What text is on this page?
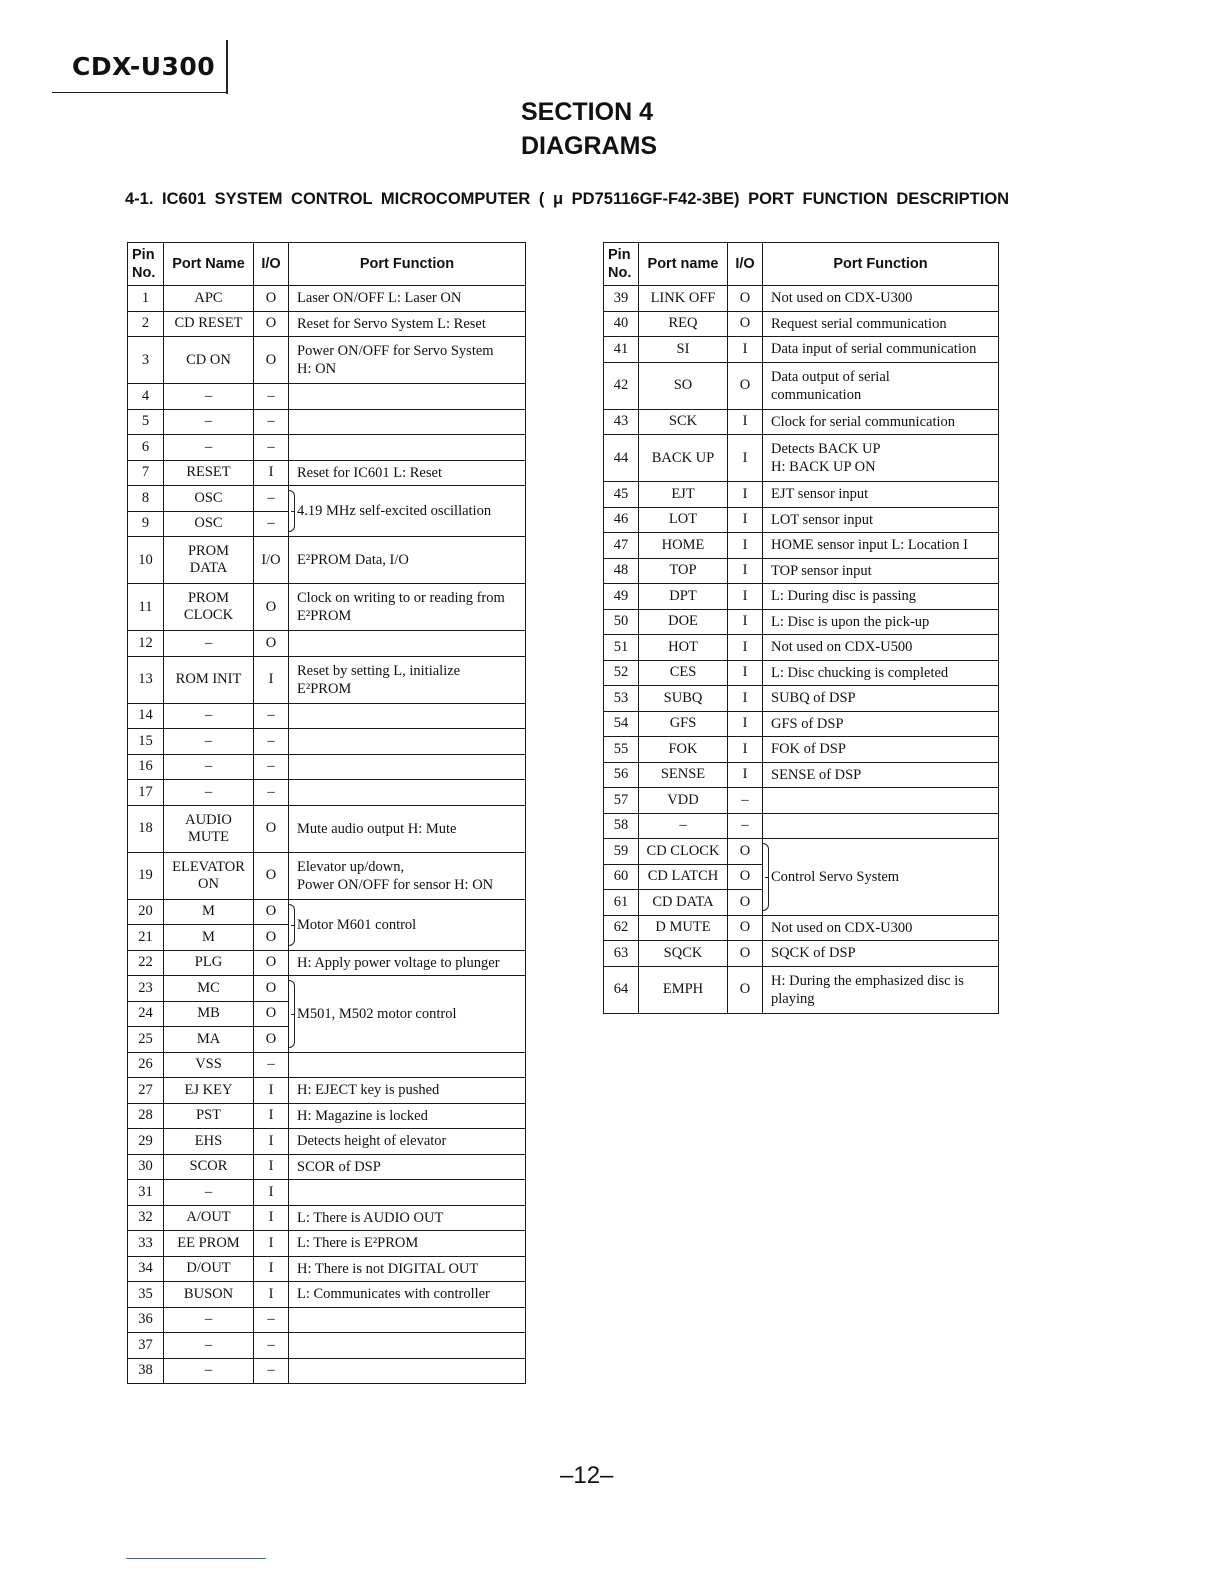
CDX-U300
SECTION 4
DIAGRAMS
4-1. IC601 SYSTEM CONTROL MICROCOMPUTER ( μ PD75116GF-F42-3BE) PORT FUNCTION DESCRIPTION
Pin
No.	Port Name	I/O	Port Function
1	APC	O	Laser ON/OFF L: Laser ON
2	CD RESET	O	Reset for Servo System L: Reset
3	CD ON	O	Power ON/OFF for Servo System
H: ON
4	–	–	
5	–	–	
6	–	–	
7	RESET	I	Reset for IC601 L: Reset
8	OSC	–	4.19 MHz self-excited oscillation

9	OSC	–	
10	PROM
DATA	I/O	E²PROM Data, I/O
11	PROM
CLOCK	O	Clock on writing to or reading from
E²PROM
12	–	O	
13	ROM INIT	I	Reset by setting L, initialize
E²PROM
14	–	–	
15	–	–	
16	–	–	
17	–	–	
18	AUDIO
MUTE	O	Mute audio output H: Mute
19	ELEVATOR
ON	O	Elevator up/down,
Power ON/OFF for sensor H: ON
20	M	O	Motor M601 control

21	M	O	
22	PLG	O	H: Apply power voltage to plunger
23	MC	O	M501, M502 motor control

24	MB	O	
25	MA	O	
26	VSS	–	
27	EJ KEY	I	H: EJECT key is pushed
28	PST	I	H: Magazine is locked
29	EHS	I	Detects height of elevator
30	SCOR	I	SCOR of DSP
31	–	I	
32	A/OUT	I	L: There is AUDIO OUT
33	EE PROM	I	L: There is E²PROM
34	D/OUT	I	H: There is not DIGITAL OUT
35	BUSON	I	L: Communicates with controller
36	–	–	
37	–	–	
38	–	–	
Pin
No.	Port name	I/O	Port Function
39	LINK OFF	O	Not used on CDX-U300
40	REQ	O	Request serial communication
41	SI	I	Data input of serial communication
42	SO	O	Data output of serial
communication
43	SCK	I	Clock for serial communication
44	BACK UP	I	Detects BACK UP
H: BACK UP ON
45	EJT	I	EJT sensor input
46	LOT	I	LOT sensor input
47	HOME	I	HOME sensor input L: Location I
48	TOP	I	TOP sensor input
49	DPT	I	L: During disc is passing
50	DOE	I	L: Disc is upon the pick-up
51	HOT	I	Not used on CDX-U500
52	CES	I	L: Disc chucking is completed
53	SUBQ	I	SUBQ of DSP
54	GFS	I	GFS of DSP
55	FOK	I	FOK of DSP
56	SENSE	I	SENSE of DSP
57	VDD	–	
58	–	–	
59	CD CLOCK	O	Control Servo System

60	CD LATCH	O	
61	CD DATA	O	
62	D MUTE	O	Not used on CDX-U300
63	SQCK	O	SQCK of DSP
64	EMPH	O	H: During the emphasized disc is
playing
–12–
